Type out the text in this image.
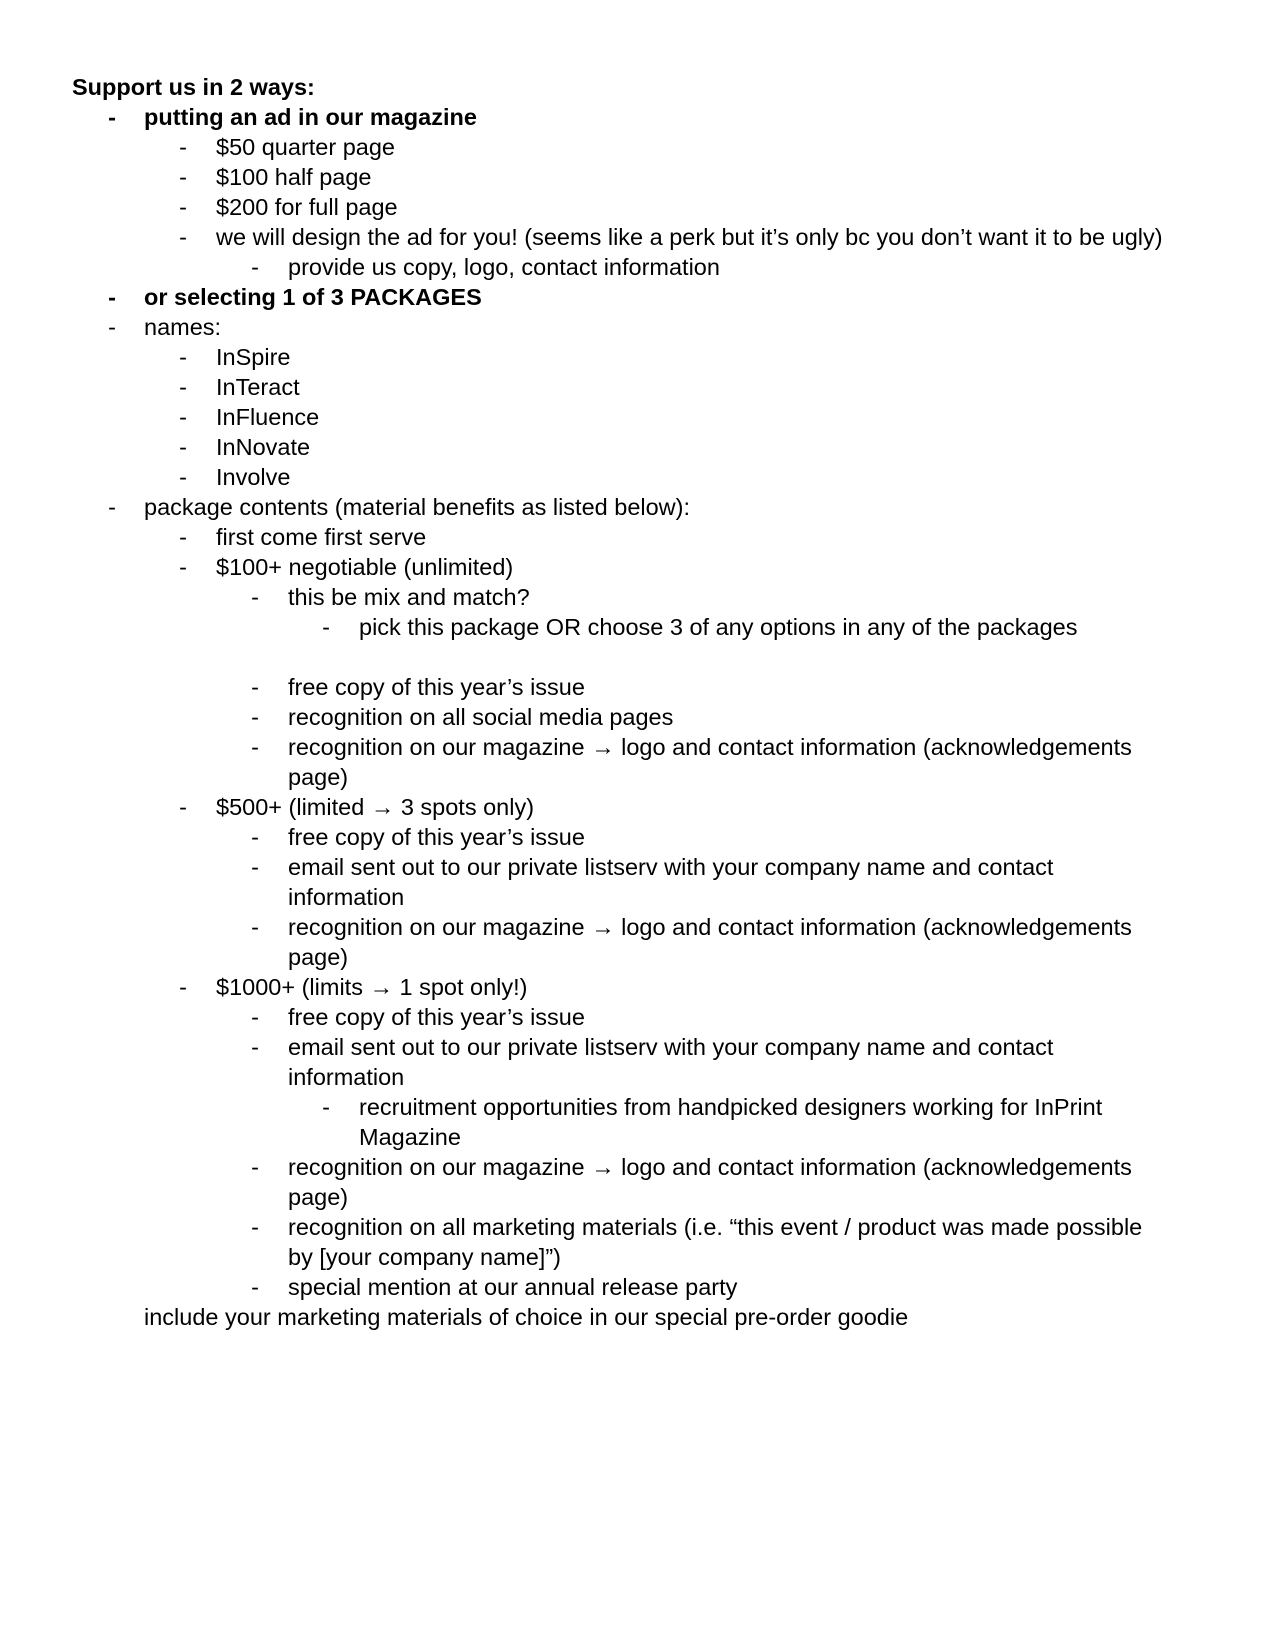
Support us in 2 ways:
- putting an ad in our magazine
- $50 quarter page
- $100 half page
- $200 for full page
- we will design the ad for you! (seems like a perk but it’s only bc you don’t want it to be ugly)
- provide us copy, logo, contact information
- or selecting 1 of 3 PACKAGES
- names:
- InSpire
- InTeract
- InFluence
- InNovate
- Involve
- package contents (material benefits as listed below):
- first come first serve
- $100+ negotiable (unlimited)
- this be mix and match?
- pick this package OR choose 3 of any options in any of the packages
- free copy of this year’s issue
- recognition on all social media pages
- recognition on our magazine → logo and contact information (acknowledgements
page)
- $500+ (limited → 3 spots only)
- free copy of this year’s issue
- email sent out to our private listserv with your company name and contact
information
- recognition on our magazine → logo and contact information (acknowledgements
page)
- $1000+ (limits → 1 spot only!)
- free copy of this year’s issue
- email sent out to our private listserv with your company name and contact
information
- recruitment opportunities from handpicked designers working for InPrint
Magazine
- recognition on our magazine → logo and contact information (acknowledgements
page)
- recognition on all marketing materials (i.e. “this event / product was made possible
by [your company name]”)
- special mention at our annual release party
include your marketing materials of choice in our special pre-order goodie
